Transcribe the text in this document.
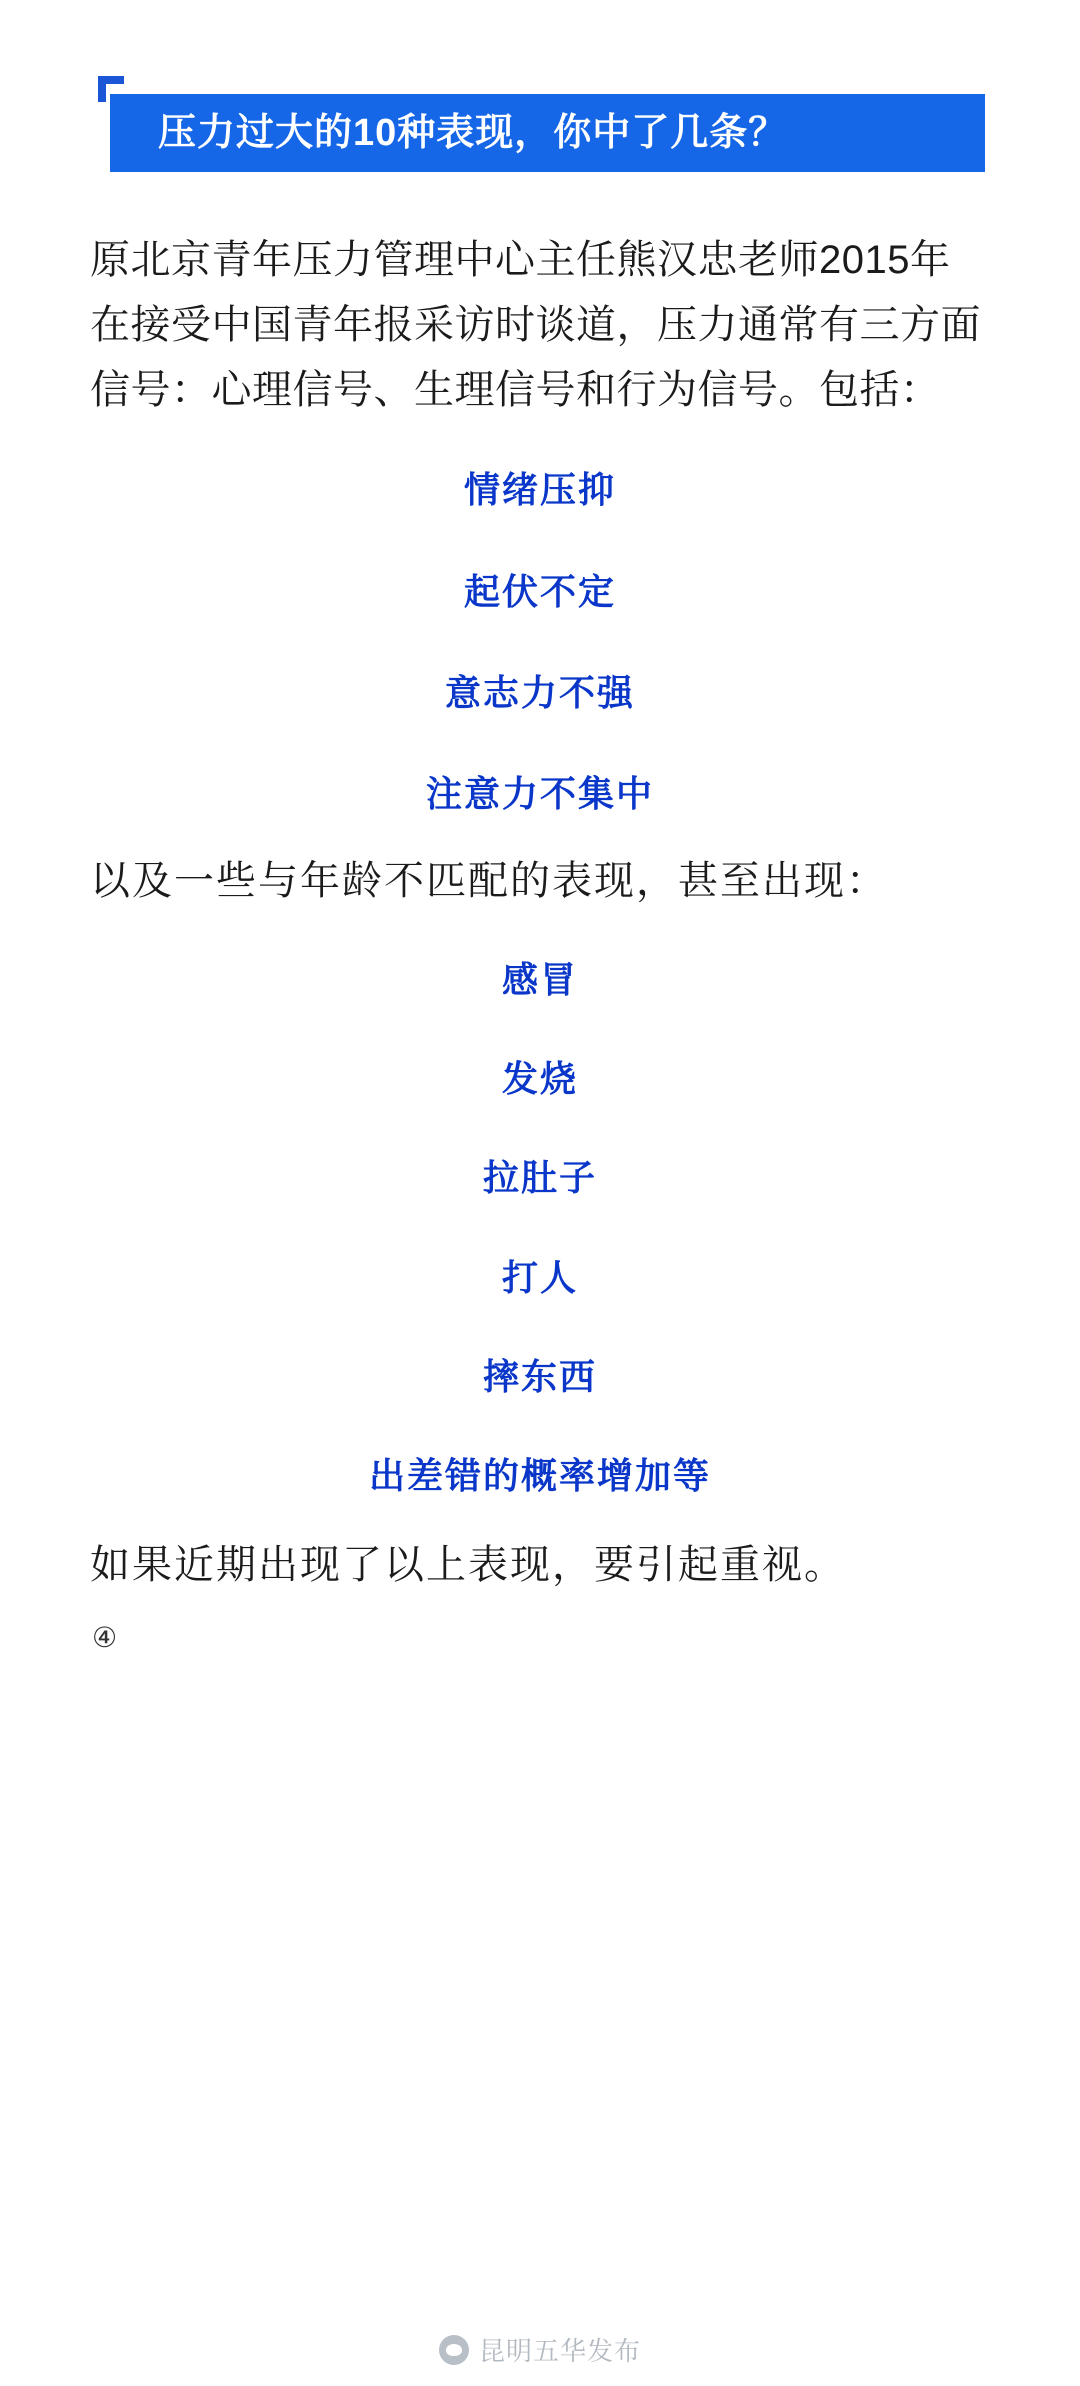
压力过大的10种表现，你中了几条？

原北京青年压力管理中心主任熊汉忠老师2015年在接受中国青年报采访时谈道，压力通常有三方面信号：心理信号、生理信号和行为信号。包括：

情绪压抑
起伏不定
意志力不强
注意力不集中

以及一些与年龄不匹配的表现，甚至出现：

感冒
发烧
拉肚子
打人
摔东西
出差错的概率增加等

如果近期出现了以上表现，要引起重视。

④
昆明五华发布
